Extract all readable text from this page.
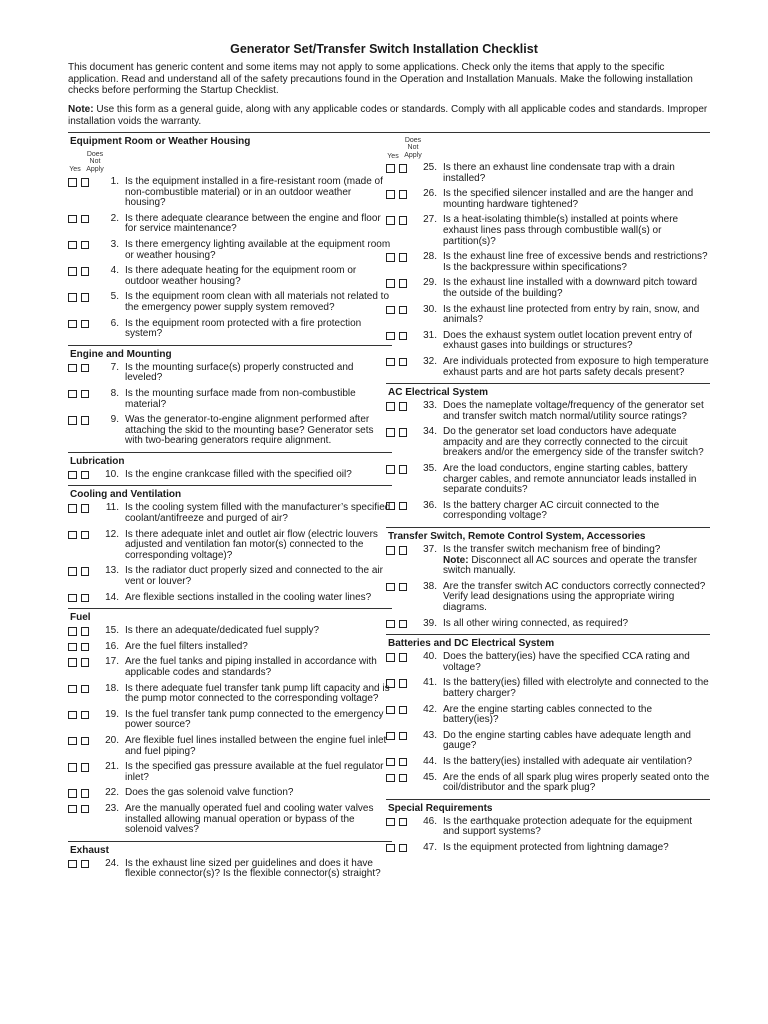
Generator Set/Transfer Switch Installation Checklist
This document has generic content and some items may not apply to some applications. Check only the items that apply to the specific application. Read and understand all of the safety precautions found in the Operation and Installation Manuals. Make the following installation checks before performing the Startup Checklist.
Note: Use this form as a general guide, along with any applicable codes or standards. Comply with all applicable codes and standards. Improper installation voids the warranty.
Equipment Room or Weather Housing
Yes
Does Not Apply
1. Is the equipment installed in a fire-resistant room (made of non-combustible material) or in an outdoor weather housing?
2. Is there adequate clearance between the engine and floor for service maintenance?
3. Is there emergency lighting available at the equipment room or weather housing?
4. Is there adequate heating for the equipment room or outdoor weather housing?
5. Is the equipment room clean with all materials not related to the emergency power supply system removed?
6. Is the equipment room protected with a fire protection system?
Engine and Mounting
7. Is the mounting surface(s) properly constructed and leveled?
8. Is the mounting surface made from non-combustible material?
9. Was the generator-to-engine alignment performed after attaching the skid to the mounting base? Generator sets with two-bearing generators require alignment.
Lubrication
10. Is the engine crankcase filled with the specified oil?
Cooling and Ventilation
11. Is the cooling system filled with the manufacturer’s specified coolant/antifreeze and purged of air?
12. Is there adequate inlet and outlet air flow (electric louvers adjusted and ventilation fan motor(s) connected to the corresponding voltage)?
13. Is the radiator duct properly sized and connected to the air vent or louver?
14. Are flexible sections installed in the cooling water lines?
Fuel
15. Is there an adequate/dedicated fuel supply?
16. Are the fuel filters installed?
17. Are the fuel tanks and piping installed in accordance with applicable codes and standards?
18. Is there adequate fuel transfer tank pump lift capacity and is the pump motor connected to the corresponding voltage?
19. Is the fuel transfer tank pump connected to the emergency power source?
20. Are flexible fuel lines installed between the engine fuel inlet and fuel piping?
21. Is the specified gas pressure available at the fuel regulator inlet?
22. Does the gas solenoid valve function?
23. Are the manually operated fuel and cooling water valves installed allowing manual operation or bypass of the solenoid valves?
Exhaust
24. Is the exhaust line sized per guidelines and does it have flexible connector(s)? Is the flexible connector(s) straight?
Yes
Does Not Apply
25. Is there an exhaust line condensate trap with a drain installed?
26. Is the specified silencer installed and are the hanger and mounting hardware tightened?
27. Is a heat-isolating thimble(s) installed at points where exhaust lines pass through combustible wall(s) or partition(s)?
28. Is the exhaust line free of excessive bends and restrictions? Is the backpressure within specifications?
29. Is the exhaust line installed with a downward pitch toward the outside of the building?
30. Is the exhaust line protected from entry by rain, snow, and animals?
31. Does the exhaust system outlet location prevent entry of exhaust gases into buildings or structures?
32. Are individuals protected from exposure to high temperature exhaust parts and are hot parts safety decals present?
AC Electrical System
33. Does the nameplate voltage/frequency of the generator set and transfer switch match normal/utility source ratings?
34. Do the generator set load conductors have adequate ampacity and are they correctly connected to the circuit breakers and/or the emergency side of the transfer switch?
35. Are the load conductors, engine starting cables, battery charger cables, and remote annunciator leads installed in separate conduits?
36. Is the battery charger AC circuit connected to the corresponding voltage?
Transfer Switch, Remote Control System, Accessories
37. Is the transfer switch mechanism free of binding?
Note: Disconnect all AC sources and operate the transfer switch manually.
38. Are the transfer switch AC conductors correctly connected? Verify lead designations using the appropriate wiring diagrams.
39. Is all other wiring connected, as required?
Batteries and DC Electrical System
40. Does the battery(ies) have the specified CCA rating and voltage?
41. Is the battery(ies) filled with electrolyte and connected to the battery charger?
42. Are the engine starting cables connected to the battery(ies)?
43. Do the engine starting cables have adequate length and gauge?
44. Is the battery(ies) installed with adequate air ventilation?
45. Are the ends of all spark plug wires properly seated onto the coil/distributor and the spark plug?
Special Requirements
46. Is the earthquake protection adequate for the equipment and support systems?
47. Is the equipment protected from lightning damage?
